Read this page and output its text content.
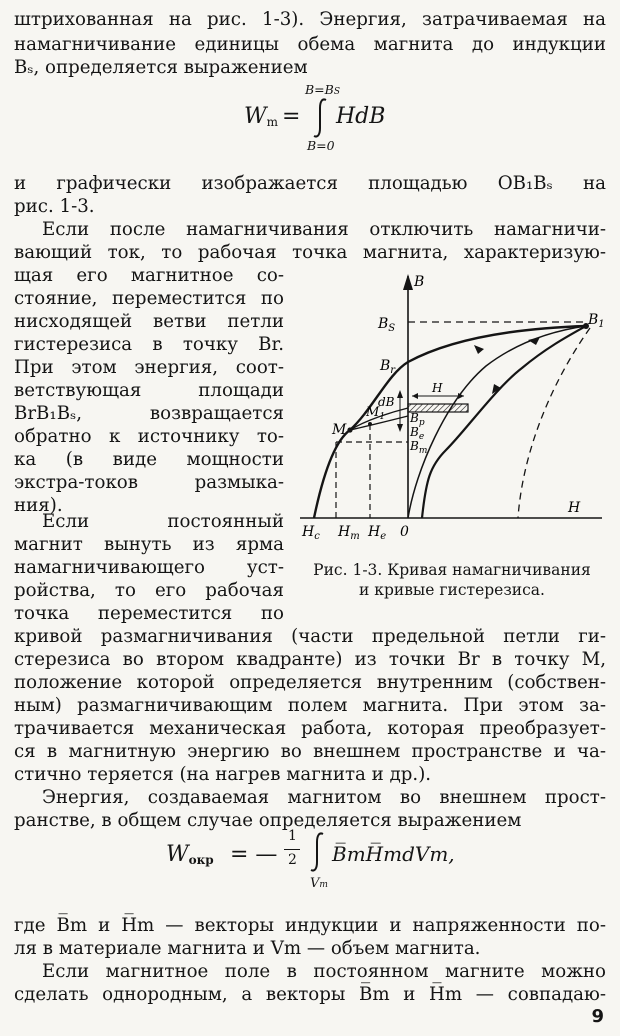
штрихованная на рис. 1-3). Энергия, затрачиваемая на
намагничивание единицы обема магнита до индукции
Bₛ, определяется выражением
$W_m$ =
B=BS
HdB
B=0
и графически изображается площадью OB₁Bₛ на
рис. 1-3.
Если после намагничивания отключить намагничи-
вающий ток, то рабочая точка магнита, характеризую-
щая его магнитное со-
стояние, переместится по
нисходящей ветви петли
гистерезиса в точку Br.
При этом энергия, соот-
ветствующая площади
BrB₁Bₛ, возвращается
обратно к источнику то-
ка (в виде мощности
экстра-токов размыка-
ния).
Если постоянный
магнит вынуть из ярма
намагничивающего уст-
ройства, то его рабочая
точка переместится по
B
H
$B_S$
$B_1$
$B_r$
dB
$B_p$
$B_e$
$B_m$
M
$M_1$
H
$H_c$ $H_m$ $H_e$ 0
Рис. 1-3. Кривая намагничивания
и кривые гистерезиса.
кривой размагничивания (части предельной петли ги-
стерезиса во втором квадранте) из точки Br в точку M,
положение которой определяется внутренним (собствен-
ным) размагничивающим полем магнита. При этом за-
трачивается механическая работа, которая преобразует-
ся в магнитную энергию во внешнем пространстве и ча-
стично теряется (на нагрев магнита и др.).
Энергия, создаваемая магнитом во внешнем прост-
ранстве, в общем случае определяется выражением
$W_{окр}$ = —
1
2 B̅mH̅mdVm,
Vm
где B̅m и H̅m — векторы индукции и напряженности по-
ля в материале магнита и Vm — объем магнита.
Если магнитное поле в постоянном магните можно
сделать однородным, а векторы B̅m и H̅m — совпадаю-
9
